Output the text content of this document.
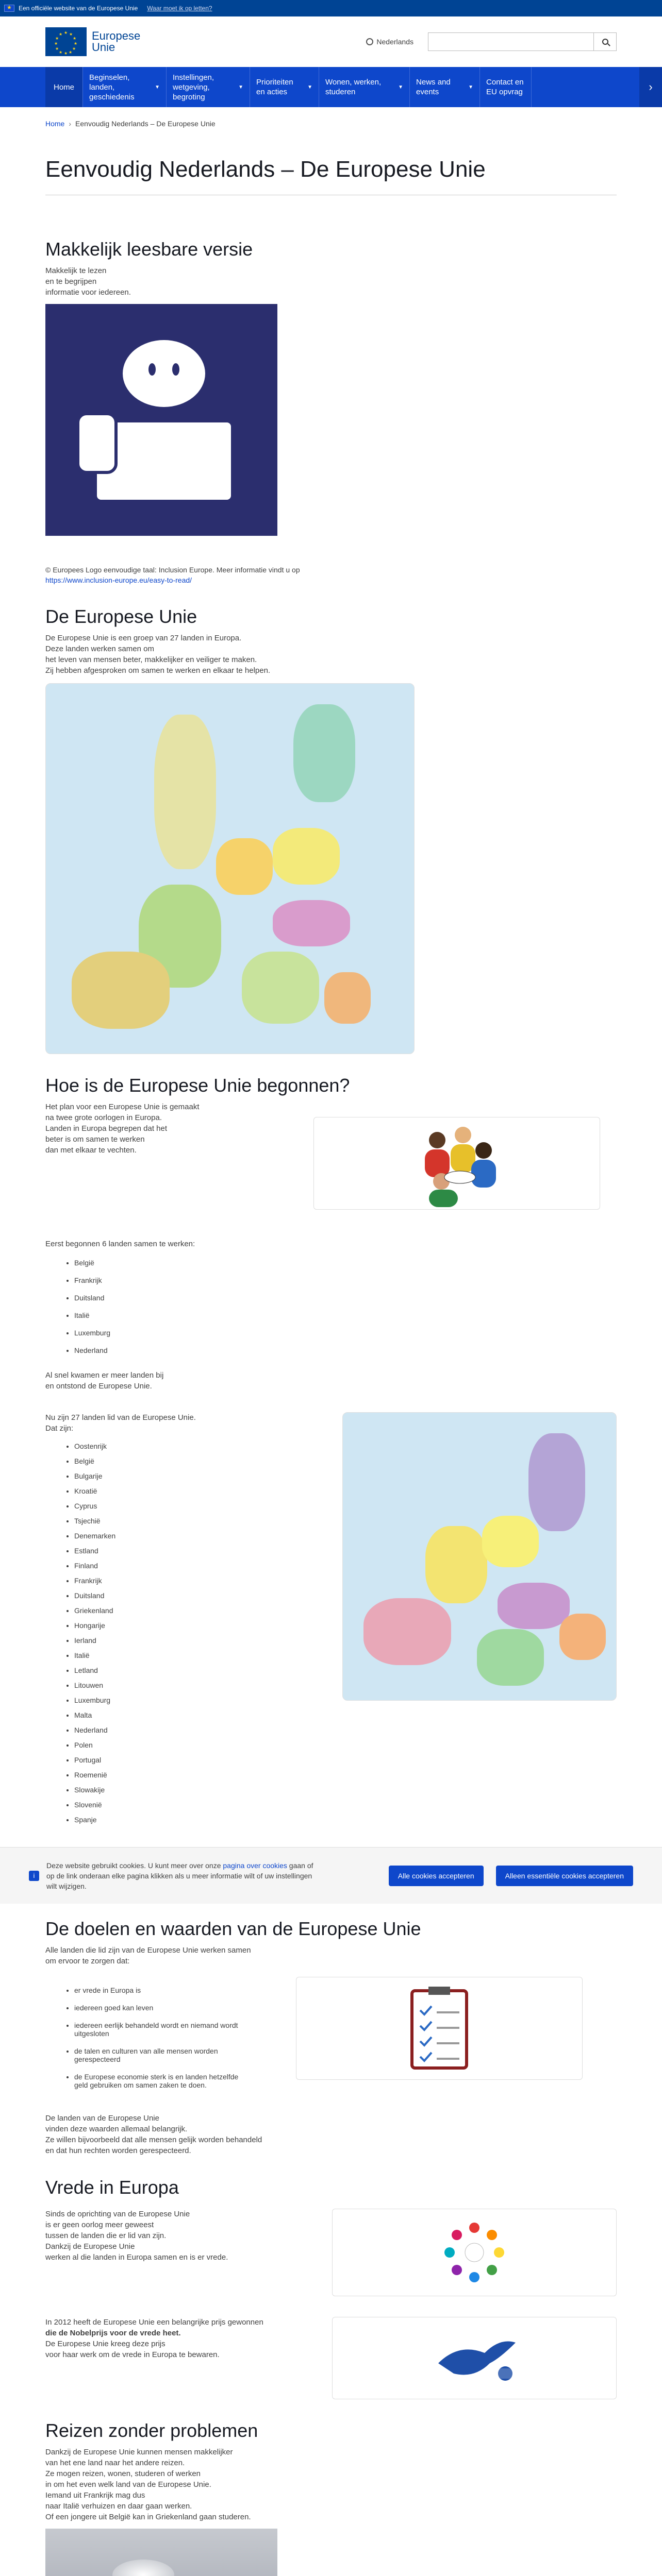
★
Een officiële website van de Europese Unie Waar moet ik op letten?
★ ★
★
★
★
★
★
★
★
★
★
★	Europese
Unie	Nederlands
Home
Beginselen, landen, geschiedenis
▼
Instellingen, wetgeving, begroting
▼
Prioriteiten en acties
▼
Wonen, werken, studeren
▼
News and events
▼
Contact en EU opvrag	›
Home › Eenvoudig Nederlands – De Europese Unie
Eenvoudig Nederlands – De Europese Unie
Makkelijk leesbare versie

Makkelijk te lezen

en te begrijpen

informatie voor iedereen.

© Europees Logo eenvoudige taal: Inclusion Europe. Meer informatie vindt u op
https://www.inclusion-europe.eu/easy-to-read/

De Europese Unie

De Europese Unie is een groep van 27 landen in Europa.

Deze landen werken samen om

het leven van mensen beter, makkelijker en veiliger te maken.

Zij hebben afgesproken om samen te werken en elkaar te helpen.

Hoe is de Europese Unie begonnen?

Het plan voor een Europese Unie is gemaakt

na twee grote oorlogen in Europa.

Landen in Europa begrepen dat het

beter is om samen te werken

dan met elkaar te vechten.

Eerst begonnen 6 landen samen te werken:

• België
• Frankrijk
• Duitsland
• Italië
• Luxemburg
• Nederland

Al snel kwamen er meer landen bij

en ontstond de Europese Unie.

Nu zijn 27 landen lid van de Europese Unie.

Dat zijn:

• Oostenrijk
• België
• Bulgarije
• Kroatië
• Cyprus
• Tsjechië
• Denemarken
• Estland
• Finland
• Frankrijk
• Duitsland
• Griekenland
• Hongarije
• Ierland
• Italië
• Letland
• Litouwen
• Luxemburg
• Malta
• Nederland
• Polen
• Portugal
• Roemenië
• Slowakije
• Slovenië
• Spanje
i
Deze website gebruikt cookies. U kunt meer over onze pagina over cookies gaan of op de link onderaan elke pagina klikken als u meer informatie wilt of uw instellingen wilt wijzigen.
Alle cookies accepteren	Alleen essentiële cookies accepteren
De doelen en waarden van de Europese Unie

Alle landen die lid zijn van de Europese Unie werken samen

om ervoor te zorgen dat:

• er vrede in Europa is
• iedereen goed kan leven
• iedereen eerlijk behandeld wordt en niemand wordt uitgesloten
• de talen en culturen van alle mensen worden gerespecteerd
• de Europese economie sterk is en landen hetzelfde geld gebruiken om samen zaken te doen.

De landen van de Europese Unie

vinden deze waarden allemaal belangrijk.

Ze willen bijvoorbeeld dat alle mensen gelijk worden behandeld

en dat hun rechten worden gerespecteerd.

Vrede in Europa

Sinds de oprichting van de Europese Unie

is er geen oorlog meer geweest

tussen de landen die er lid van zijn.

Dankzij de Europese Unie

werken al die landen in Europa samen en is er vrede.

In 2012 heeft de Europese Unie een belangrijke prijs gewonnen

die de Nobelprijs voor de vrede heet.

De Europese Unie kreeg deze prijs

voor haar werk om de vrede in Europa te bewaren.

Reizen zonder problemen

Dankzij de Europese Unie kunnen mensen makkelijker

van het ene land naar het andere reizen.

Ze mogen reizen, wonen, studeren of werken

in om het even welk land van de Europese Unie.

Iemand uit Frankrijk mag dus

naar Italië verhuizen en daar gaan werken.

Of een jongere uit België kan in Griekenland gaan studeren.
